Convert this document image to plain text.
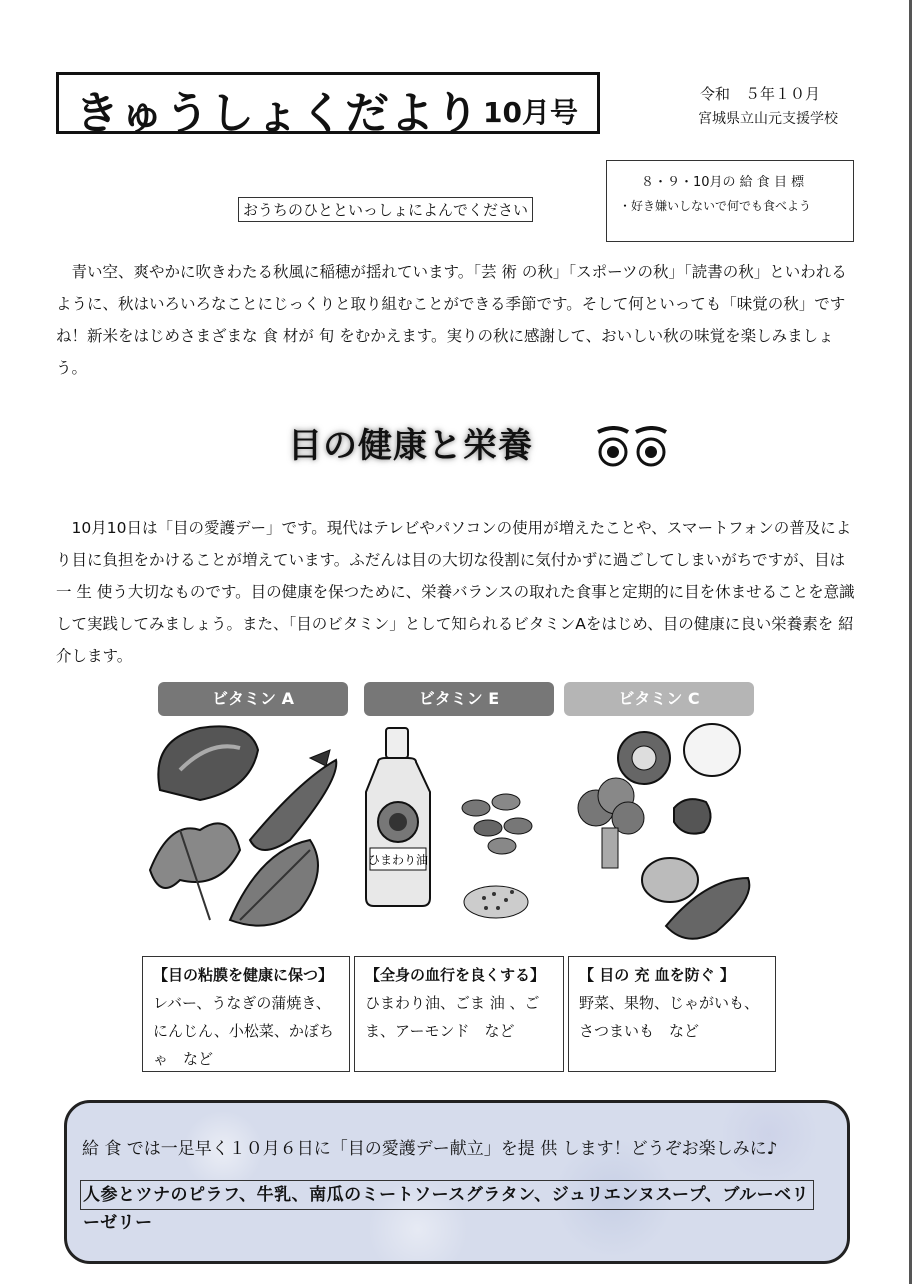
きゅうしょくだより 10月号
令和　５年１０月
宮城県立山元支援学校
８・９・10月の 給 食 目 標
・好き嫌いしないで何でも食べよう
おうちのひとといっしょによんでください
　青い空、爽やかに吹きわたる秋風に稲穂が揺れています。「芸 術 の秋」「スポーツの秋」「読書の秋」といわれるように、秋はいろいろなことにじっくりと取り組むことができる季節です。そして何といっても「味覚の秋」ですね！新米をはじめさまざまな 食 材が 旬 をむかえます。実りの秋に感謝して、おいしい秋の味覚を楽しみましょう。
目の健康と栄養
　10月10日は「目の愛護デー」です。現代はテレビやパソコンの使用が増えたことや、スマートフォンの普及により目に負担をかけることが増えています。ふだんは目の大切な役割に気付かずに過ごしてしまいがちですが、目は一 生 使う大切なものです。目の健康を保つために、栄養バランスの取れた食事と定期的に目を休ませることを意識して実践してみましょう。また、「目のビタミン」として知られるビタミンAをはじめ、目の健康に良い栄養素を 紹 介します。
ビタミン A	ビタミン E	ビタミン C
ひまわり油
【目の粘膜を健康に保つ】
レバー、うなぎの蒲焼き、にんじん、小松菜、かぼちゃ　など
【全身の血行を良くする】
ひまわり油、ごま 油 、ごま、アーモンド　など
【 目の 充 血を防ぐ 】
野菜、果物、じゃがいも、さつまいも　など
給 食 では一足早く１０月６日に「目の愛護デー献立」を提 供 します！どうぞお楽しみに♪
人参とツナのピラフ、牛乳、南瓜のミートソースグラタン、ジュリエンヌスープ、ブルーベリーゼリー
